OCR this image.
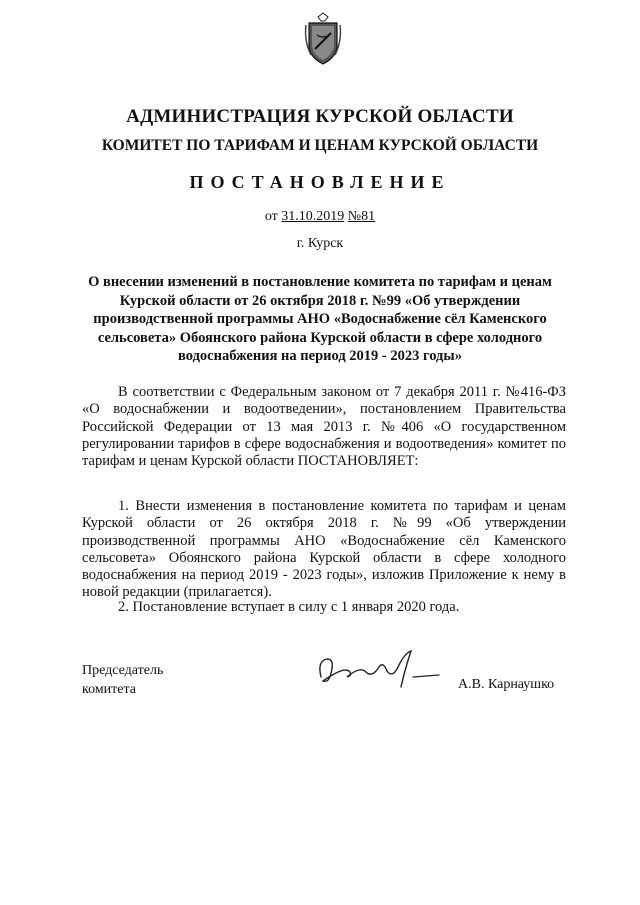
АДМИНИСТРАЦИЯ КУРСКОЙ ОБЛАСТИ
КОМИТЕТ ПО ТАРИФАМ И ЦЕНАМ КУРСКОЙ ОБЛАСТИ
ПОСТАНОВЛЕНИЕ
от 31.10.2019 №81
г. Курск
О внесении изменений в постановление комитета по тарифам и ценам Курской области от 26 октября 2018 г. №99 «Об утверждении производственной программы АНО «Водоснабжение сёл Каменского сельсовета» Обоянского района Курской области в сфере холодного водоснабжения на период 2019 - 2023 годы»
В соответствии с Федеральным законом от 7 декабря 2011 г. №416-ФЗ «О водоснабжении и водоотведении», постановлением Правительства Российской Федерации от 13 мая 2013 г. №406 «О государственном регулировании тарифов в сфере водоснабжения и водоотведения» комитет по тарифам и ценам Курской области ПОСТАНОВЛЯЕТ:
1. Внести изменения в постановление комитета по тарифам и ценам Курской области от 26 октября 2018 г. №99 «Об утверждении производственной программы АНО «Водоснабжение сёл Каменского сельсовета» Обоянского района Курской области в сфере холодного водоснабжения на период 2019 - 2023 годы», изложив Приложение к нему в новой редакции (прилагается).
2. Постановление вступает в силу с 1 января 2020 года.
Председатель
комитета	А.В. Карнаушко
